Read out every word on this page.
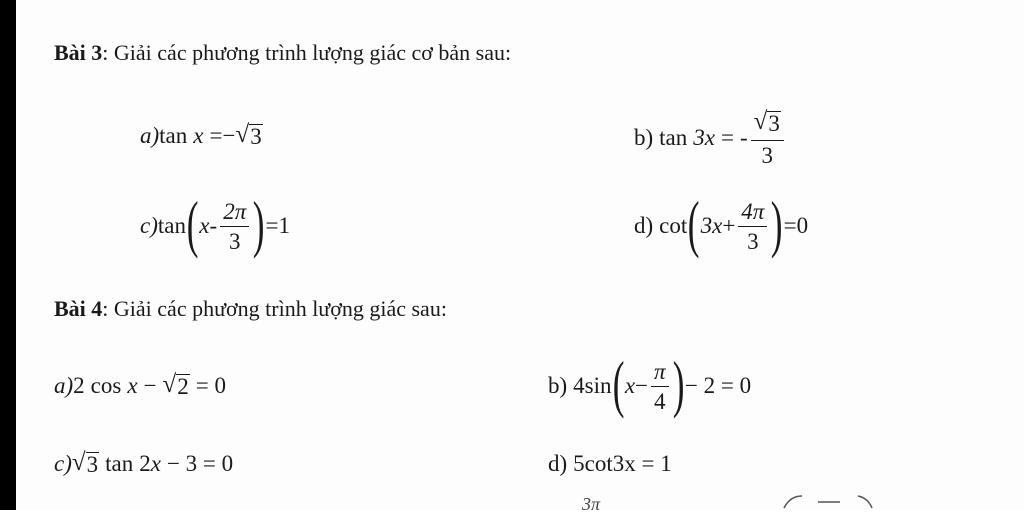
Bài 3: Giải các phương trình lượng giác cơ bản sau:
a) tan x = − √ 3	b) tan 3x = - $\frac{√ 3}{3}$
c) tan ( x - $\frac{2\pi}{3}$ ) =1	d) cot ( $3x + \frac{4\pi}{3}$ ) =0
Bài 4: Giải các phương trình lượng giác sau:
a) 2 cos x − √ 2 = 0	b) 4 sin ( $x - \frac{\pi}{4}$ ) − 2 = 0
c) √ 3 tan 2 x − 3 = 0	d) 5cot3x = 1
3π
